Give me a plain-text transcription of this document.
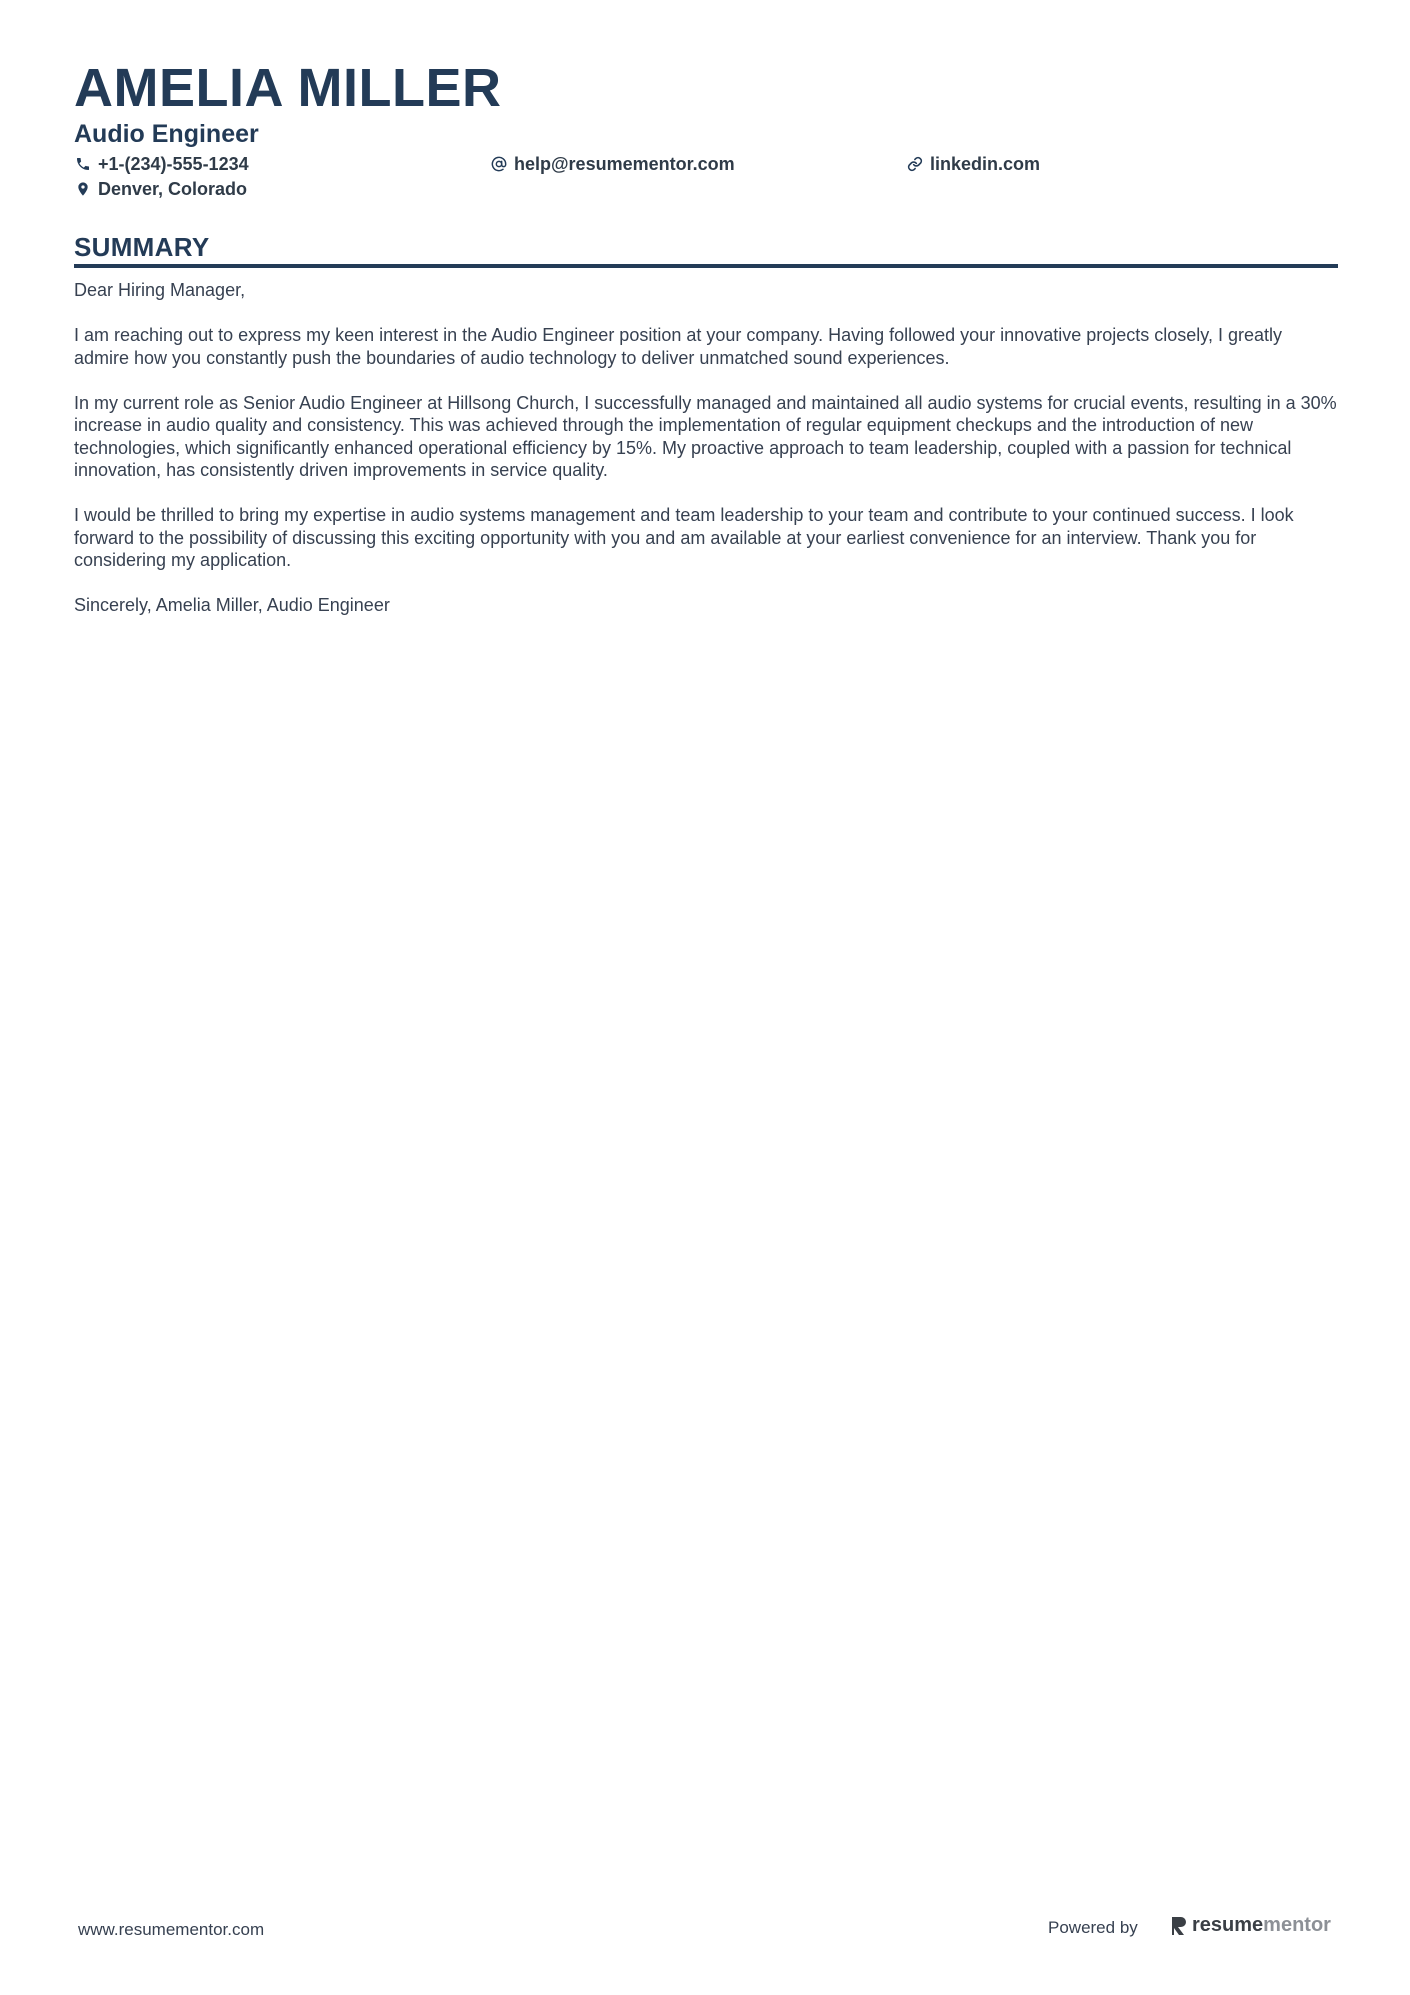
AMELIA MILLER
Audio Engineer
+1-(234)-555-1234	help@resumementor.com	linkedin.com
Denver, Colorado
SUMMARY

Dear Hiring Manager,

I am reaching out to express my keen interest in the Audio Engineer position at your company. Having followed your innovative projects closely, I greatly admire how you constantly push the boundaries of audio technology to deliver unmatched sound experiences.

In my current role as Senior Audio Engineer at Hillsong Church, I successfully managed and maintained all audio systems for crucial events, resulting in a 30% increase in audio quality and consistency. This was achieved through the implementation of regular equipment checkups and the introduction of new technologies, which significantly enhanced operational efficiency by 15%. My proactive approach to team leadership, coupled with a passion for technical innovation, has consistently driven improvements in service quality.

I would be thrilled to bring my expertise in audio systems management and team leadership to your team and contribute to your continued success. I look forward to the possibility of discussing this exciting opportunity with you and am available at your earliest convenience for an interview. Thank you for considering my application.

Sincerely, Amelia Miller, Audio Engineer

www.resumementor.com	Powered by	resume mentor
